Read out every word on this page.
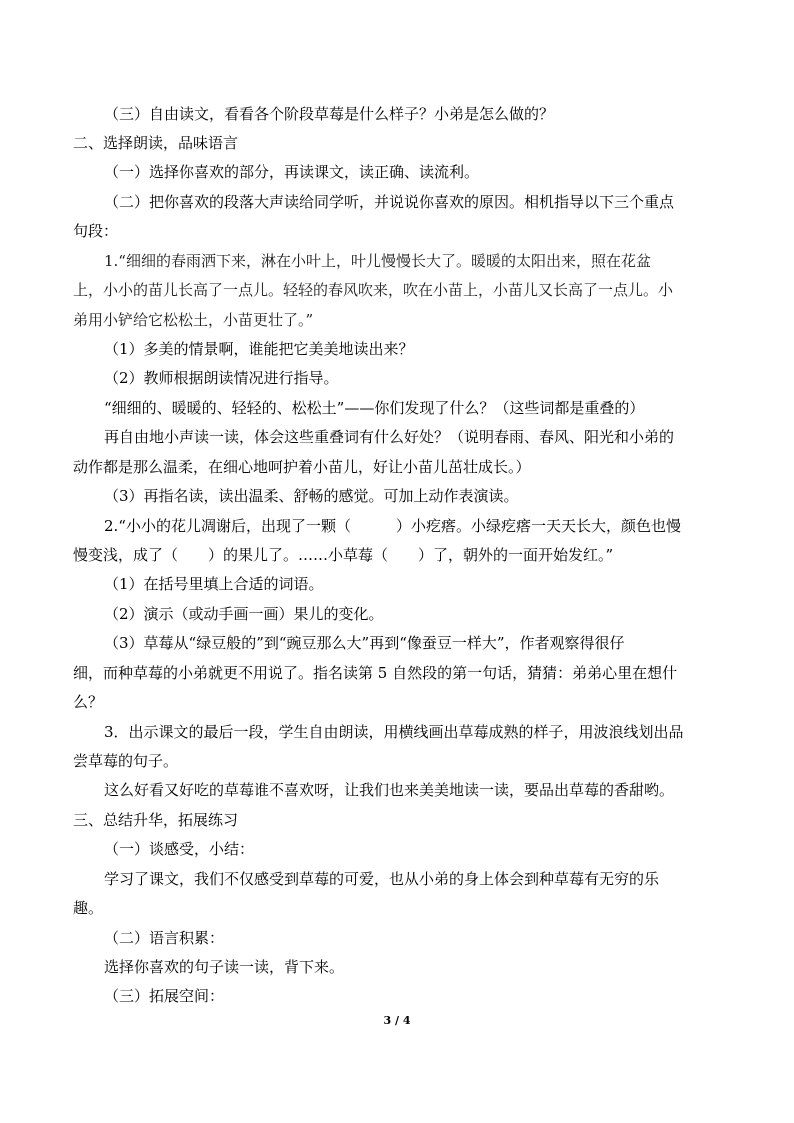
（三）自由读文，看看各个阶段草莓是什么样子？小弟是怎么做的？
二、选择朗读，品味语言
（一）选择你喜欢的部分，再读课文，读正确、读流利。
（二）把你喜欢的段落大声读给同学听，并说说你喜欢的原因。相机指导以下三个重点
句段：
1.“细细的春雨洒下来，淋在小叶上，叶儿慢慢长大了。暖暖的太阳出来，照在花盆
上，小小的苗儿长高了一点儿。轻轻的春风吹来，吹在小苗上，小苗儿又长高了一点儿。小
弟用小铲给它松松土，小苗更壮了。”
（1）多美的情景啊，谁能把它美美地读出来？
（2）教师根据朗读情况进行指导。
“细细的、暖暖的、轻轻的、松松土”——你们发现了什么？（这些词都是重叠的）
再自由地小声读一读，体会这些重叠词有什么好处？（说明春雨、春风、阳光和小弟的
动作都是那么温柔，在细心地呵护着小苗儿，好让小苗儿茁壮成长。）
（3）再指名读，读出温柔、舒畅的感觉。可加上动作表演读。
2.“小小的花儿凋谢后，出现了一颗（　　　）小疙瘩。小绿疙瘩一天天长大，颜色也慢
慢变浅，成了（　　）的果儿了。……小草莓（　　）了，朝外的一面开始发红。”
（1）在括号里填上合适的词语。
（2）演示（或动手画一画）果儿的变化。
（3）草莓从“绿豆般的”到“豌豆那么大”再到“像蚕豆一样大”，作者观察得很仔
细，而种草莓的小弟就更不用说了。指名读第 5 自然段的第一句话，猜猜：弟弟心里在想什
么？
3．出示课文的最后一段，学生自由朗读，用横线画出草莓成熟的样子，用波浪线划出品
尝草莓的句子。
这么好看又好吃的草莓谁不喜欢呀，让我们也来美美地读一读，要品出草莓的香甜哟。
三、总结升华，拓展练习
（一）谈感受，小结：
学习了课文，我们不仅感受到草莓的可爱，也从小弟的身上体会到种草莓有无穷的乐
趣。
（二）语言积累：
选择你喜欢的句子读一读，背下来。
（三）拓展空间：
3 / 4
